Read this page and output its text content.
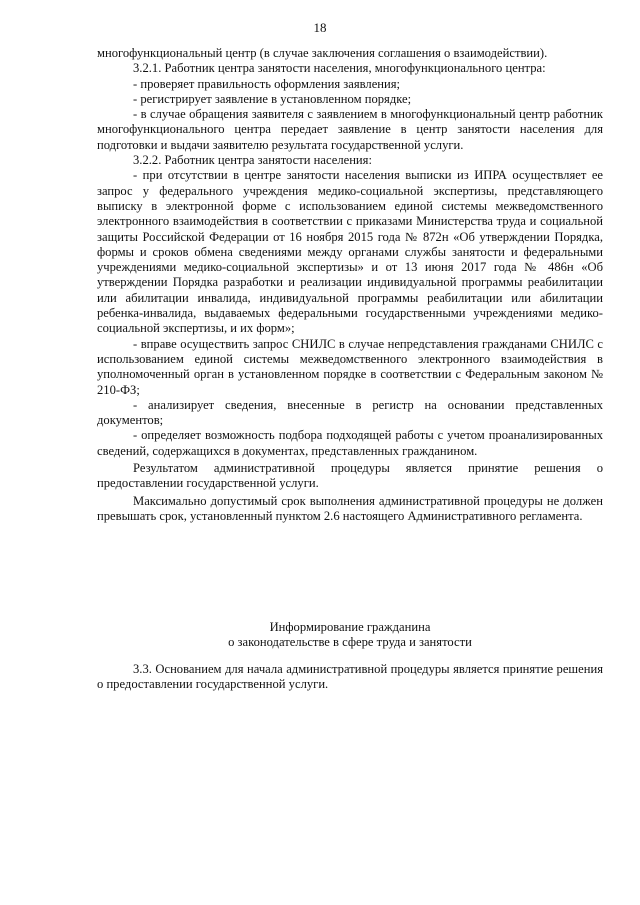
18

многофункциональный центр (в случае заключения соглашения о взаимодействии).

3.2.1. Работник центра занятости населения, многофункционального центра:

- проверяет правильность оформления заявления;

- регистрирует заявление в установленном порядке;

- в случае обращения заявителя с заявлением в многофункциональный центр работник многофункционального центра передает заявление в центр занятости населения для подготовки и выдачи заявителю результата государственной услуги.

3.2.2. Работник центра занятости населения:

- при отсутствии в центре занятости населения выписки из ИПРА осуществляет ее запрос у федерального учреждения медико-социальной экспертизы, представляющего выписку в электронной форме с использованием единой системы межведомственного электронного взаимодействия в соответствии с приказами Министерства труда и социальной защиты Российской Федерации от 16 ноября 2015 года № 872н «Об утверждении Порядка, формы и сроков обмена сведениями между органами службы занятости и федеральными учреждениями медико-социальной экспертизы» и от 13 июня 2017 года № 486н «Об утверждении Порядка разработки и реализации индивидуальной программы реабилитации или абилитации инвалида, индивидуальной программы реабилитации или абилитации ребенка-инвалида, выдаваемых федеральными государственными учреждениями медико-социальной экспертизы, и их форм»;

- вправе осуществить запрос СНИЛС в случае непредставления гражданами СНИЛС с использованием единой системы межведомственного электронного взаимодействия в уполномоченный орган в установленном порядке в соответствии с Федеральным законом № 210-ФЗ;

- анализирует сведения, внесенные в регистр на основании представленных документов;

- определяет возможность подбора подходящей работы с учетом проанализированных сведений, содержащихся в документах, представленных гражданином.

Результатом административной процедуры является принятие решения о предоставлении государственной услуги.

Максимально допустимый срок выполнения административной процедуры не должен превышать срок, установленный пунктом 2.6 настоящего Административного регламента.

Информирование гражданина

о законодательстве в сфере труда и занятости

3.3. Основанием для начала административной процедуры является принятие решения о предоставлении государственной услуги.
